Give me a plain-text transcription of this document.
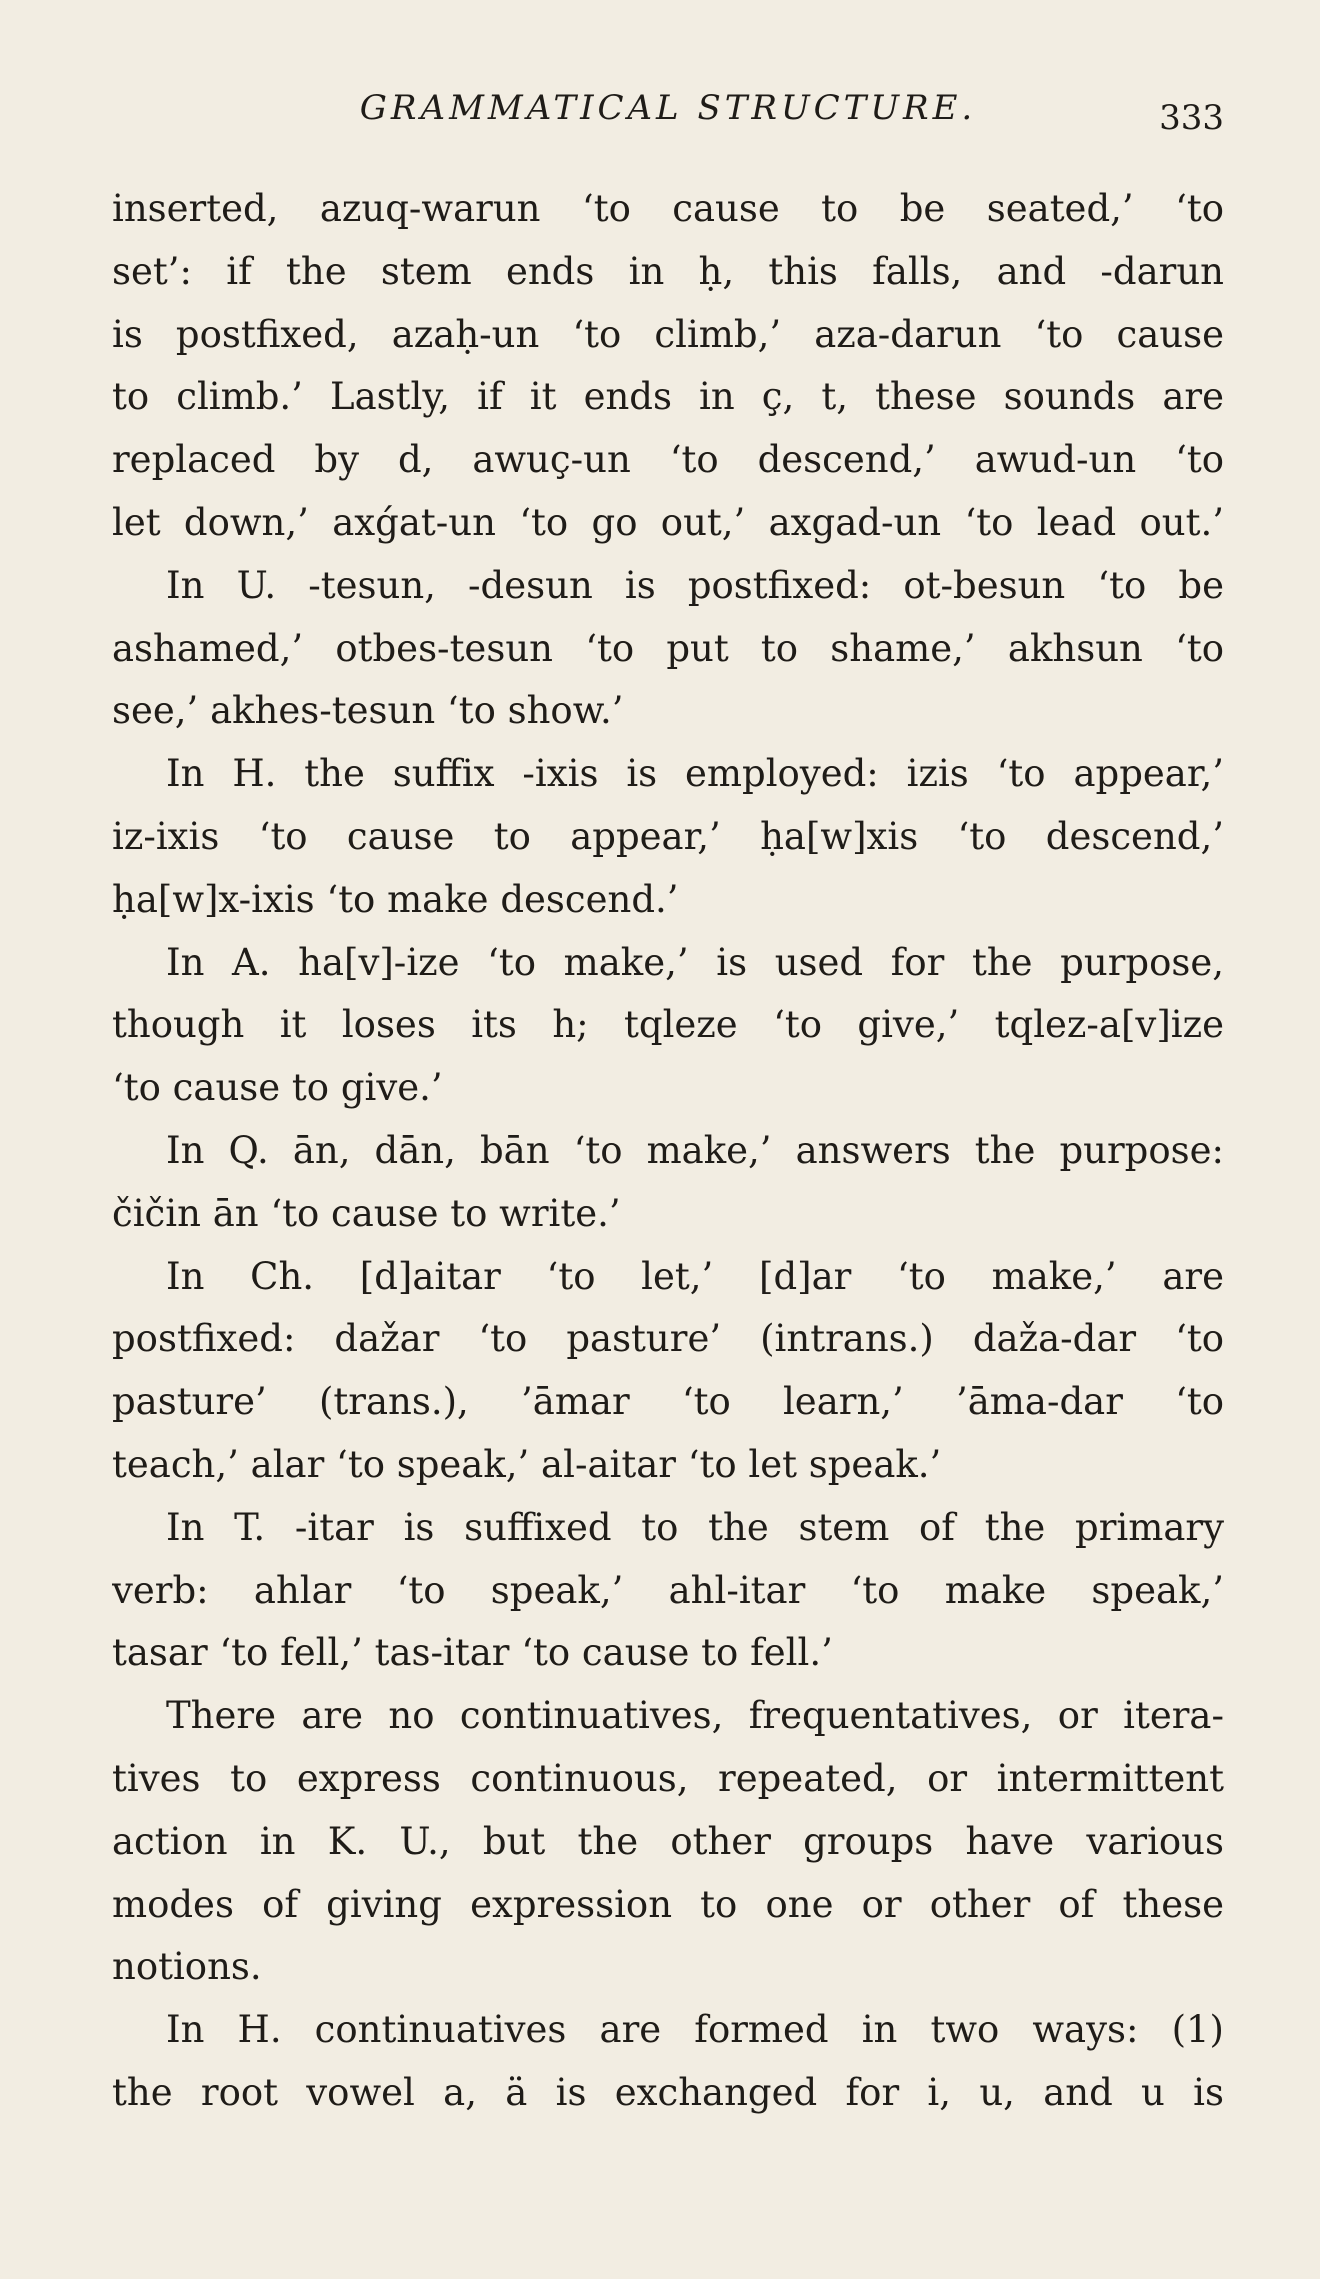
GRAMMATICAL STRUCTURE.	333
inserted, azuq-warun ‘to cause to be seated,’ ‘to
set’: if the stem ends in ḥ, this falls, and -darun
is postfixed, azaḥ-un ‘to climb,’ aza-darun ‘to cause
to climb.’ Lastly, if it ends in ç, t, these sounds are
replaced by d, awuç-un ‘to descend,’ awud-un ‘to
let down,’ axǵat-un ‘to go out,’ axgad-un ‘to lead out.’
In U. -tesun, -desun is postfixed: ot-besun ‘to be
ashamed,’ otbes-tesun ‘to put to shame,’ akhsun ‘to
see,’ akhes-tesun ‘to show.’
In H. the suffix -ixis is employed: izis ‘to appear,’
iz-ixis ‘to cause to appear,’ ḥa[w]xis ‘to descend,’
ḥa[w]x-ixis ‘to make descend.’
In A. ha[v]-ize ‘to make,’ is used for the purpose,
though it loses its h; tqleze ‘to give,’ tqlez-a[v]ize
‘to cause to give.’
In Q. ān, dān, bān ‘to make,’ answers the purpose:
čičin ān ‘to cause to write.’
In Ch. [d]aitar ‘to let,’ [d]ar ‘to make,’ are
postfixed: dažar ‘to pasture’ (intrans.) daža-dar ‘to
pasture’ (trans.), ’āmar ‘to learn,’ ’āma-dar ‘to
teach,’ alar ‘to speak,’ al-aitar ‘to let speak.’
In T. -itar is suffixed to the stem of the primary
verb: ahlar ‘to speak,’ ahl-itar ‘to make speak,’
tasar ‘to fell,’ tas-itar ‘to cause to fell.’
There are no continuatives, frequentatives, or itera-
tives to express continuous, repeated, or intermittent
action in K. U., but the other groups have various
modes of giving expression to one or other of these
notions.
In H. continuatives are formed in two ways: (1)
the root vowel a, ä is exchanged for i, u, and u is
